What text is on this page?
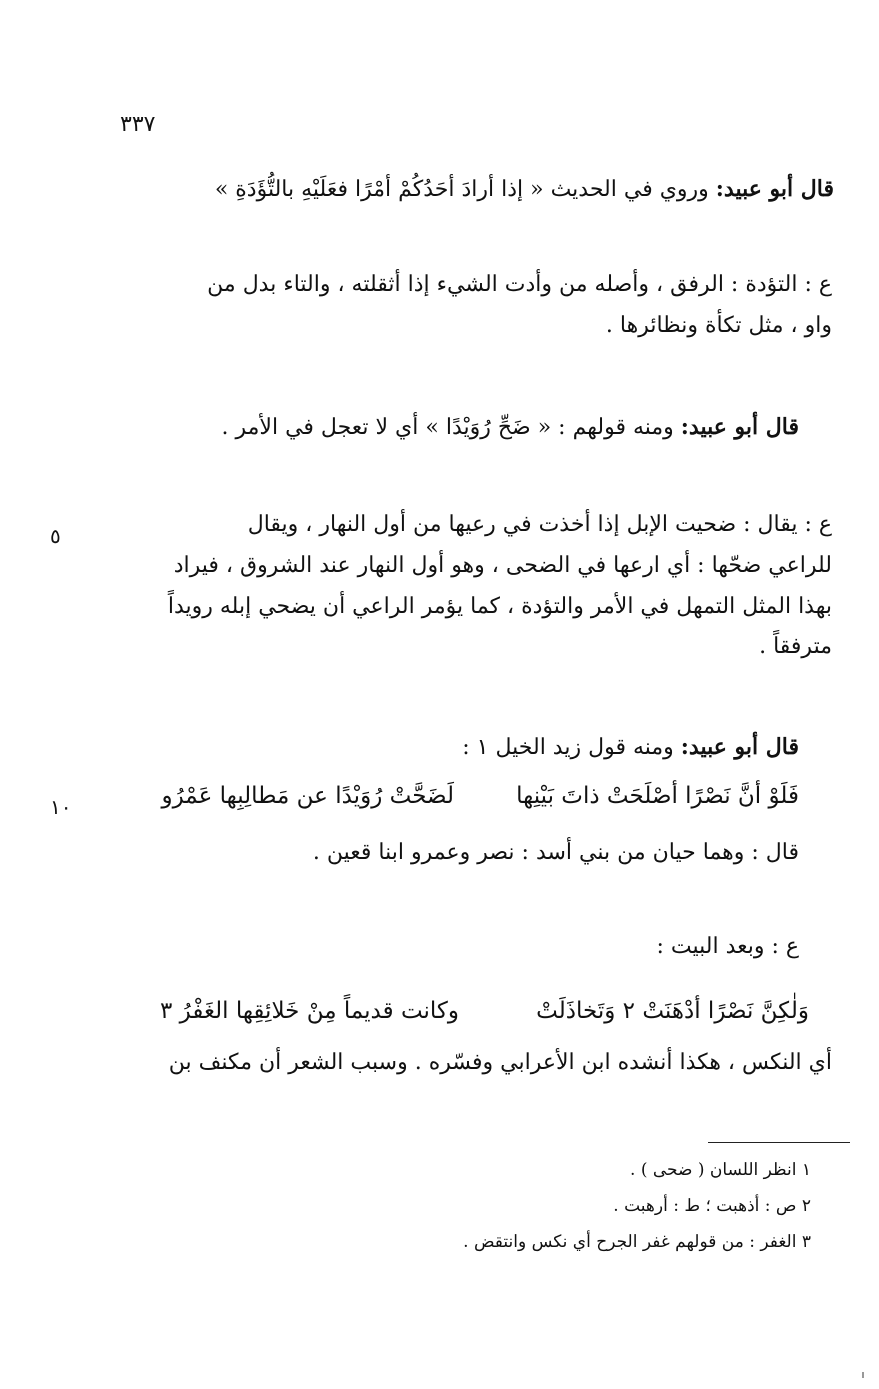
٣٣٧
قال أبو عبيد: وروي في الحديث « إذا أرادَ أحَدُكُمْ أمْرًا فعَلَيْهِ بالتُّؤَدَةِ »
ع : التؤدة : الرفق ، وأصله من وأدت الشيء إذا أثقلته ، والتاء بدل من
واو ، مثل تكأة ونظائرها .
قال أبو عبيد: ومنه قولهم : « ضَحِّ رُوَيْدًا » أي لا تعجل في الأمر .
ع : يقال : ضحيت الإبل إذا أخذت في رعيها من أول النهار ، ويقال
للراعي ضحّها : أي ارعها في الضحى ، وهو أول النهار عند الشروق ، فيراد
بهذا المثل التمهل في الأمر والتؤدة ، كما يؤمر الراعي أن يضحي إبله رويداً
مترفقاً .
٥
قال أبو عبيد: ومنه قول زيد الخيل ١ :
فَلَوْ أنَّ نَصْرًا أصْلَحَتْ ذاتَ بَيْنِها
لَضَحَّتْ رُوَيْدًا عن مَطالِبِها عَمْرُو
١٠
قال : وهما حيان من بني أسد : نصر وعمرو ابنا قعين .
ع : وبعد البيت :
وَلٰكِنَّ نَصْرًا أدْهَنَتْ ٢ وَتَخاذَلَتْ
وكانت قديماً مِنْ خَلائِقِها الغَفْرُ ٣
أي النكس ، هكذا أنشده ابن الأعرابي وفسّره . وسبب الشعر أن مكنف بن
١ انظر اللسان ( ضحى ) .
٢ ص : أذهبت ؛ ط : أرهبت .
٣ الغفر : من قولهم غفر الجرح أي نكس وانتقض .
